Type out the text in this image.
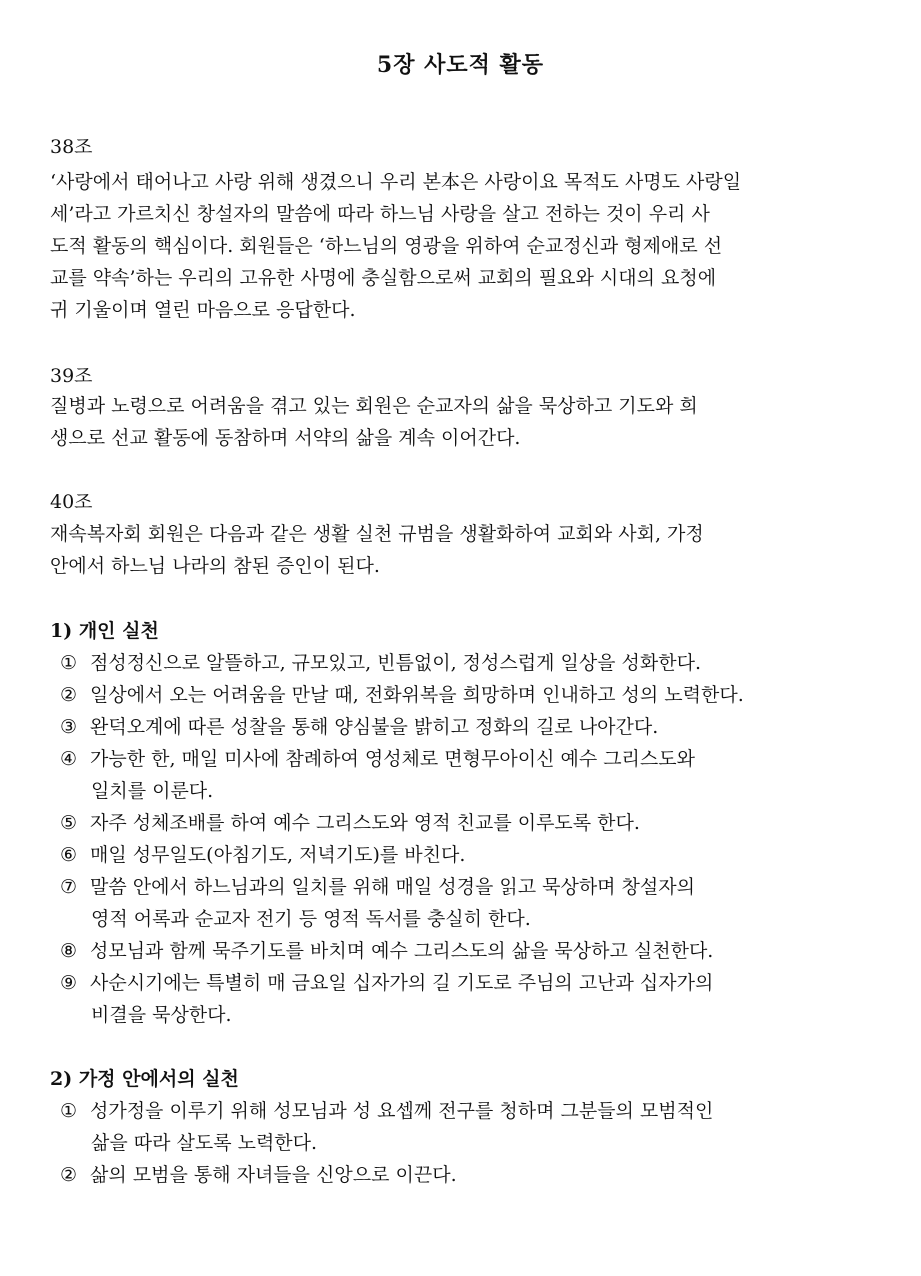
5장 사도적 활동
38조
‘사랑에서 태어나고 사랑 위해 생겼으니 우리 본本은 사랑이요 목적도 사명도 사랑일
세’라고 가르치신 창설자의 말씀에 따라 하느님 사랑을 살고 전하는 것이 우리 사
도적 활동의 핵심이다. 회원들은 ‘하느님의 영광을 위하여 순교정신과 형제애로 선
교를 약속’하는 우리의 고유한 사명에 충실함으로써 교회의 필요와 시대의 요청에
귀 기울이며 열린 마음으로 응답한다.
39조
질병과 노령으로 어려움을 겪고 있는 회원은 순교자의 삶을 묵상하고 기도와 희
생으로 선교 활동에 동참하며 서약의 삶을 계속 이어간다.
40조
재속복자회 회원은 다음과 같은 생활 실천 규범을 생활화하여 교회와 사회, 가정
안에서 하느님 나라의 참된 증인이 된다.
1) 개인 실천
① 점성정신으로 알뜰하고, 규모있고, 빈틈없이, 정성스럽게 일상을 성화한다.
② 일상에서 오는 어려움을 만날 때, 전화위복을 희망하며 인내하고 성의 노력한다.
③ 완덕오계에 따른 성찰을 통해 양심불을 밝히고 정화의 길로 나아간다.
④ 가능한 한, 매일 미사에 참례하여 영성체로 면형무아이신 예수 그리스도와
일치를 이룬다.
⑤ 자주 성체조배를 하여 예수 그리스도와 영적 친교를 이루도록 한다.
⑥ 매일 성무일도(아침기도, 저녁기도)를 바친다.
⑦ 말씀 안에서 하느님과의 일치를 위해 매일 성경을 읽고 묵상하며 창설자의
영적 어록과 순교자 전기 등 영적 독서를 충실히 한다.
⑧ 성모님과 함께 묵주기도를 바치며 예수 그리스도의 삶을 묵상하고 실천한다.
⑨ 사순시기에는 특별히 매 금요일 십자가의 길 기도로 주님의 고난과 십자가의
비결을 묵상한다.
2) 가정 안에서의 실천
① 성가정을 이루기 위해 성모님과 성 요셉께 전구를 청하며 그분들의 모범적인
삶을 따라 살도록 노력한다.
② 삶의 모범을 통해 자녀들을 신앙으로 이끈다.
